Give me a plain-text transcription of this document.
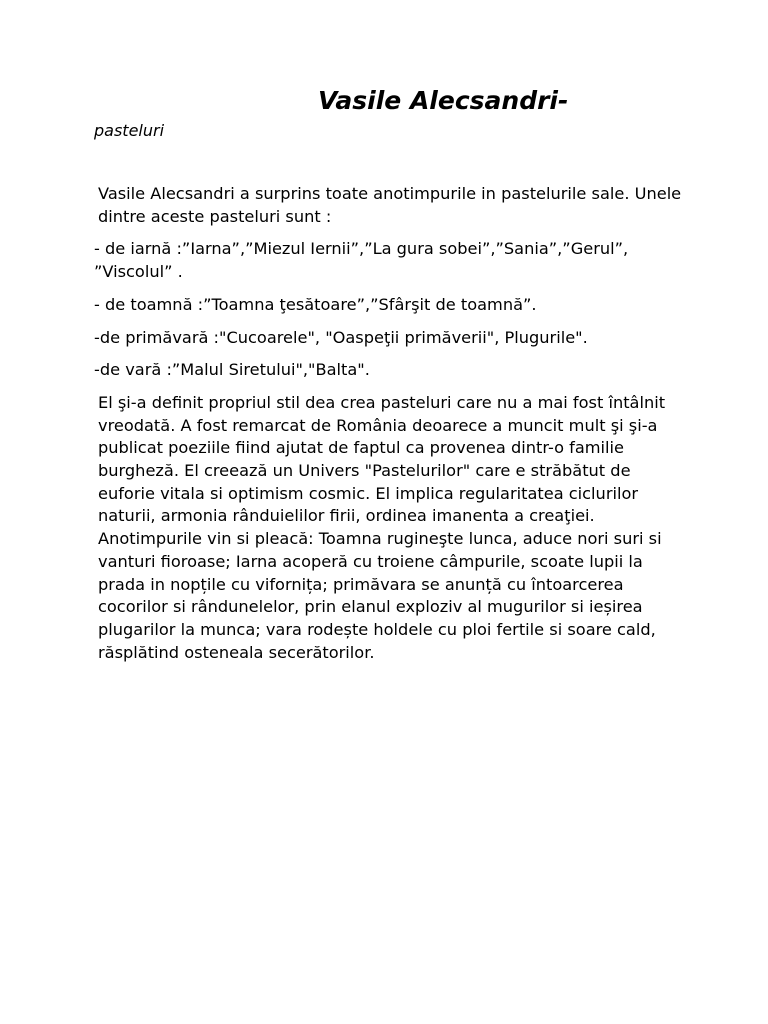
Vasile Alecsandri-
pasteluri

Vasile Alecsandri a surprins toate anotimpurile in pastelurile sale. Unele dintre aceste pasteluri sunt :

- de iarnă :”Iarna”,”Miezul Iernii”,”La gura sobei”,”Sania”,”Gerul”, ”Viscolul” .

- de toamnă :”Toamna ţesătoare”,”Sfârşit de toamnă”.

-de primăvară :"Cucoarele", "Oaspeţii primăverii", Plugurile".

-de vară :”Malul Siretului","Balta".

El şi-a definit propriul stil dea crea pasteluri care nu a mai fost întâlnit vreodată. A fost remarcat de România deoarece a muncit mult şi şi-a publicat poeziile fiind ajutat de faptul ca provenea dintr-o familie burgheză. El creează un Univers "Pastelurilor" care e străbătut de euforie vitala si optimism cosmic. El implica regularitatea ciclurilor naturii, armonia rânduielilor firii, ordinea imanenta a creaţiei. Anotimpurile vin si pleacă: Toamna rugineşte lunca, aduce nori suri si vanturi fioroase; Iarna acoperă cu troiene câmpurile, scoate lupii la prada in nopțile cu vifornița; primăvara se anunță cu întoarcerea cocorilor si rândunelelor, prin elanul exploziv al mugurilor si ieșirea plugarilor la munca; vara rodește holdele cu ploi fertile si soare cald, răsplătind osteneala secerătorilor.
